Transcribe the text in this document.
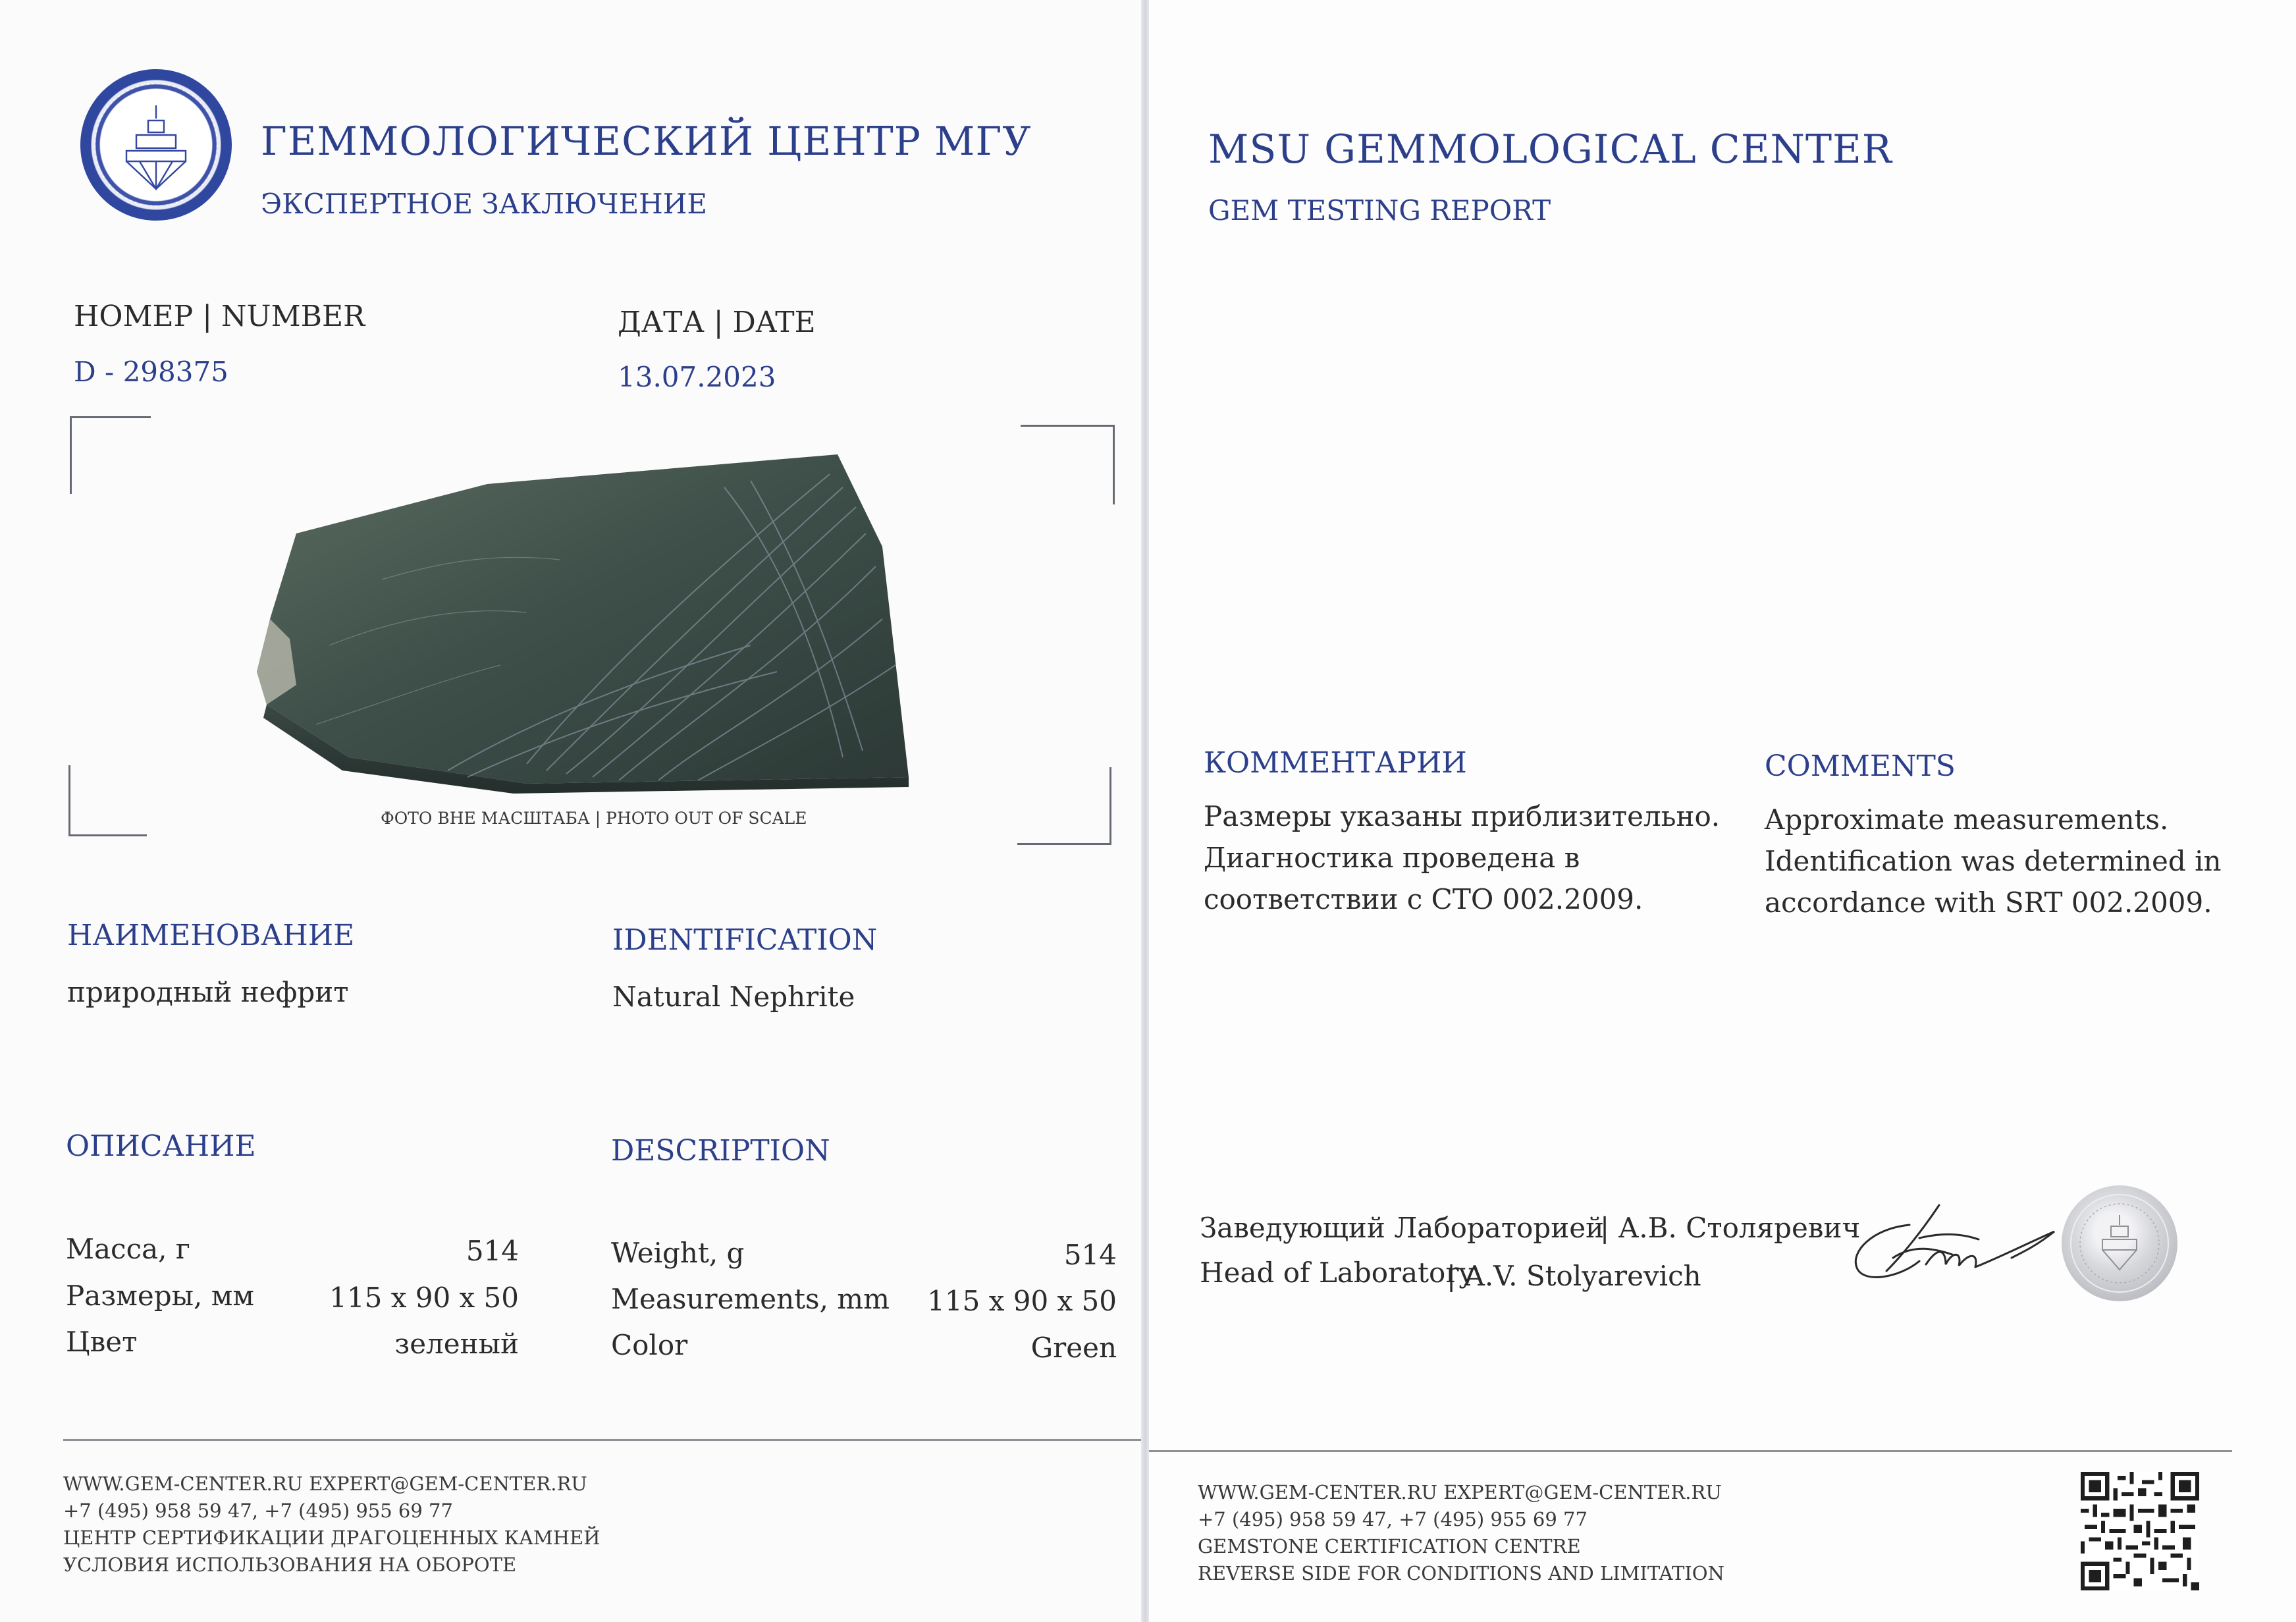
ГЕММОЛОГИЧЕСКИЙ ЦЕНТР МГУ
ЭКСПЕРТНОЕ ЗАКЛЮЧЕНИЕ
НОМЕР | NUMBER
D - 298375
ДАТА | DATE
13.07.2023
ФОТО ВНЕ МАСШТАБА | PHOTO OUT OF SCALE
НАИМЕНОВАНИЕ
природный нефрит
IDENTIFICATION
Natural Nephrite
ОПИСАНИЕ	DESCRIPTION
Масса, г	514
Размеры, мм	115 x 90 x 50
Цвет	зеленый
Weight, g	514
Measurements, mm 115 x 90 x 50
Color	Green
WWW.GEM-CENTER.RU EXPERT@GEM-CENTER.RU
+7 (495) 958 59 47, +7 (495) 955 69 77
ЦЕНТР СЕРТИФИКАЦИИ ДРАГОЦЕННЫХ КАМНЕЙ
УСЛОВИЯ ИСПОЛЬЗОВАНИЯ НА ОБОРОТЕ
MSU GEMMOLOGICAL CENTER
GEM TESTING REPORT
КОММЕНТАРИИ
Размеры указаны приблизительно.
Диагностика проведена в
соответствии с СТО 002.2009.
COMMENTS
Approximate measurements.
Identification was determined in
accordance with SRT 002.2009.
Заведующий Лабораторией
| А.В. Столяревич
Head of Laboratory
| A.V. Stolyarevich
WWW.GEM-CENTER.RU EXPERT@GEM-CENTER.RU
+7 (495) 958 59 47, +7 (495) 955 69 77
GEMSTONE CERTIFICATION CENTRE
REVERSE SIDE FOR CONDITIONS AND LIMITATION
